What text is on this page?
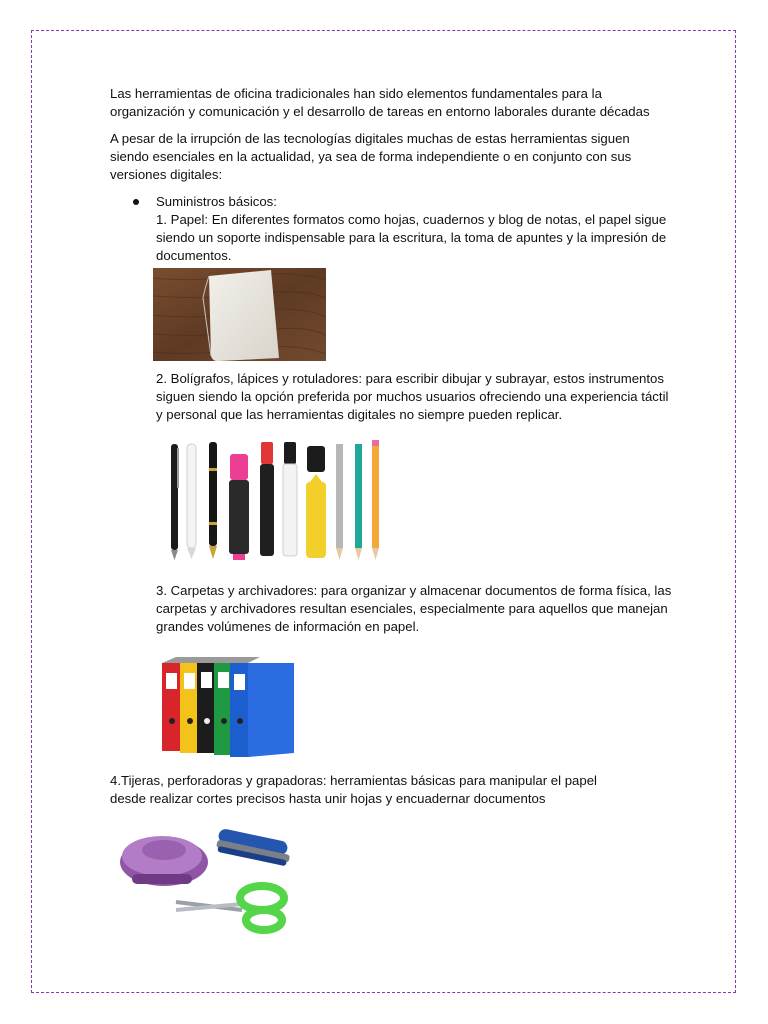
Las herramientas de oficina tradicionales han sido elementos fundamentales para la organización y comunicación y el desarrollo de tareas en entorno laborales durante décadas

A pesar de la irrupción de las tecnologías digitales muchas de estas herramientas siguen siendo esenciales en la actualidad, ya sea de forma independiente o en conjunto con sus versiones digitales:

Suministros básicos:

1. Papel: En diferentes formatos como hojas, cuadernos y blog de notas, el papel sigue siendo un soporte indispensable para la escritura, la toma de apuntes y la impresión de documentos.

2. Bolígrafos, lápices y rotuladores: para escribir dibujar y subrayar, estos instrumentos siguen siendo la opción preferida por muchos usuarios ofreciendo una experiencia táctil y personal que las herramientas digitales no siempre pueden replicar.

3. Carpetas y archivadores: para organizar y almacenar documentos de forma física, las carpetas y archivadores resultan esenciales, especialmente para aquellos que manejan grandes volúmenes de información en papel.

4.Tijeras, perforadoras y grapadoras: herramientas básicas para manipular el papel desde realizar cortes precisos hasta unir hojas y encuadernar documentos
